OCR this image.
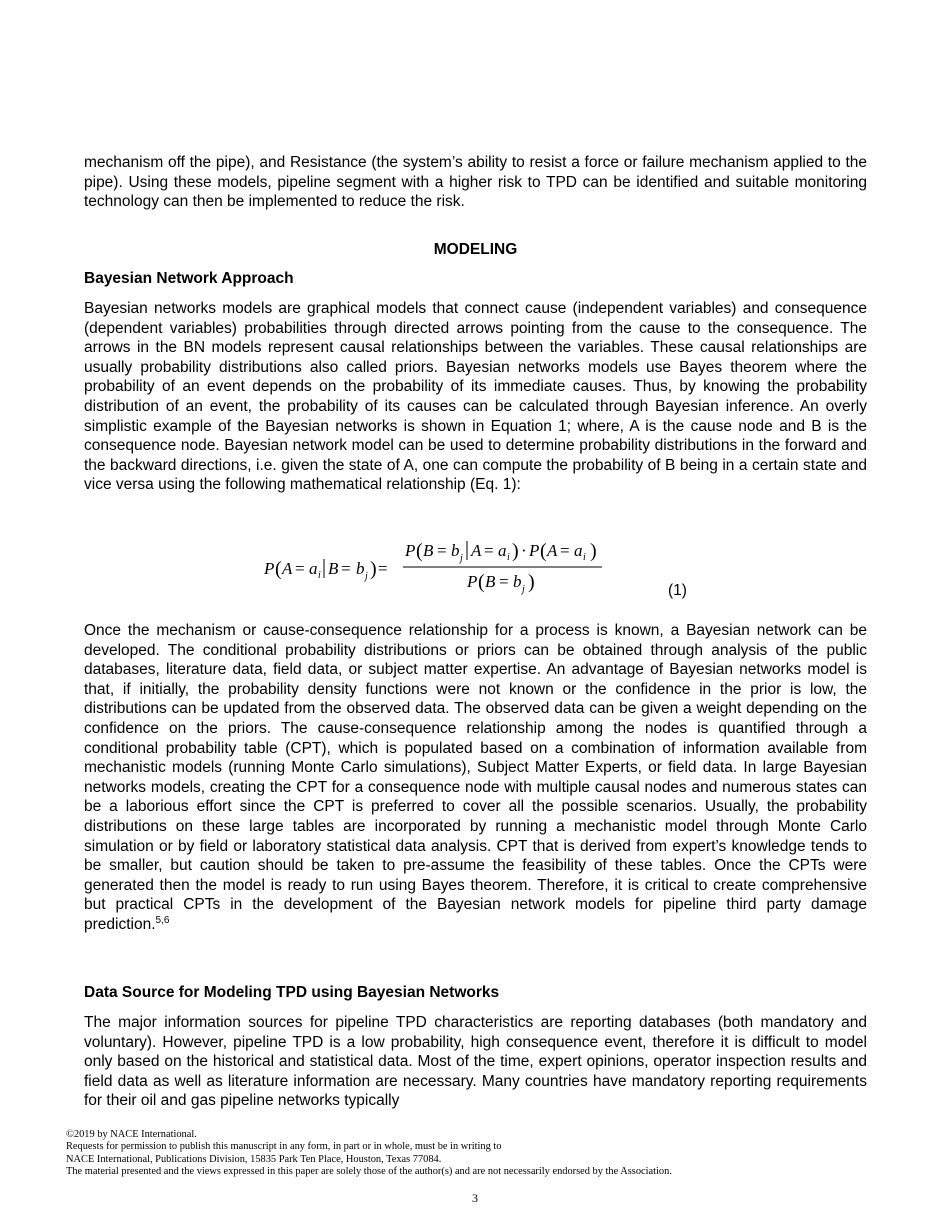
mechanism off the pipe), and Resistance (the system’s ability to resist a force or failure mechanism applied to the pipe). Using these models, pipeline segment with a higher risk to TPD can be identified and suitable monitoring technology can then be implemented to reduce the risk.

MODELING
Bayesian Network Approach

Bayesian networks models are graphical models that connect cause (independent variables) and consequence (dependent variables) probabilities through directed arrows pointing from the cause to the consequence. The arrows in the BN models represent causal relationships between the variables. These causal relationships are usually probability distributions also called priors. Bayesian networks models use Bayes theorem where the probability of an event depends on the probability of its immediate causes. Thus, by knowing the probability distribution of an event, the probability of its causes can be calculated through Bayesian inference. An overly simplistic example of the Bayesian networks is shown in Equation 1; where, A is the cause node and B is the consequence node. Bayesian network model can be used to determine probability distributions in the forward and the backward directions, i.e. given the state of A, one can compute the probability of B being in a certain state and vice versa using the following mathematical relationship (Eq. 1):

P ( A = a i B = b j ) =
P ( B = b j A = a i ) · P ( A = a i )
P ( B = b j )	(1)

Once the mechanism or cause-consequence relationship for a process is known, a Bayesian network can be developed. The conditional probability distributions or priors can be obtained through analysis of the public databases, literature data, field data, or subject matter expertise. An advantage of Bayesian networks model is that, if initially, the probability density functions were not known or the confidence in the prior is low, the distributions can be updated from the observed data. The observed data can be given a weight depending on the confidence on the priors. The cause-consequence relationship among the nodes is quantified through a conditional probability table (CPT), which is populated based on a combination of information available from mechanistic models (running Monte Carlo simulations), Subject Matter Experts, or field data. In large Bayesian networks models, creating the CPT for a consequence node with multiple causal nodes and numerous states can be a laborious effort since the CPT is preferred to cover all the possible scenarios. Usually, the probability distributions on these large tables are incorporated by running a mechanistic model through Monte Carlo simulation or by field or laboratory statistical data analysis. CPT that is derived from expert’s knowledge tends to be smaller, but caution should be taken to pre-assume the feasibility of these tables. Once the CPTs were generated then the model is ready to run using Bayes theorem. Therefore, it is critical to create comprehensive but practical CPTs in the development of the Bayesian network models for pipeline third party damage prediction.$^{5,6}$

Data Source for Modeling TPD using Bayesian Networks

The major information sources for pipeline TPD characteristics are reporting databases (both mandatory and voluntary). However, pipeline TPD is a low probability, high consequence event, therefore it is difficult to model only based on the historical and statistical data. Most of the time, expert opinions, operator inspection results and field data as well as literature information are necessary. Many countries have mandatory reporting requirements for their oil and gas pipeline networks typically

©2019 by NACE International.
Requests for permission to publish this manuscript in any form, in part or in whole, must be in writing to
NACE International, Publications Division, 15835 Park Ten Place, Houston, Texas 77084.
The material presented and the views expressed in this paper are solely those of the author(s) and are not necessarily endorsed by the Association.
3
